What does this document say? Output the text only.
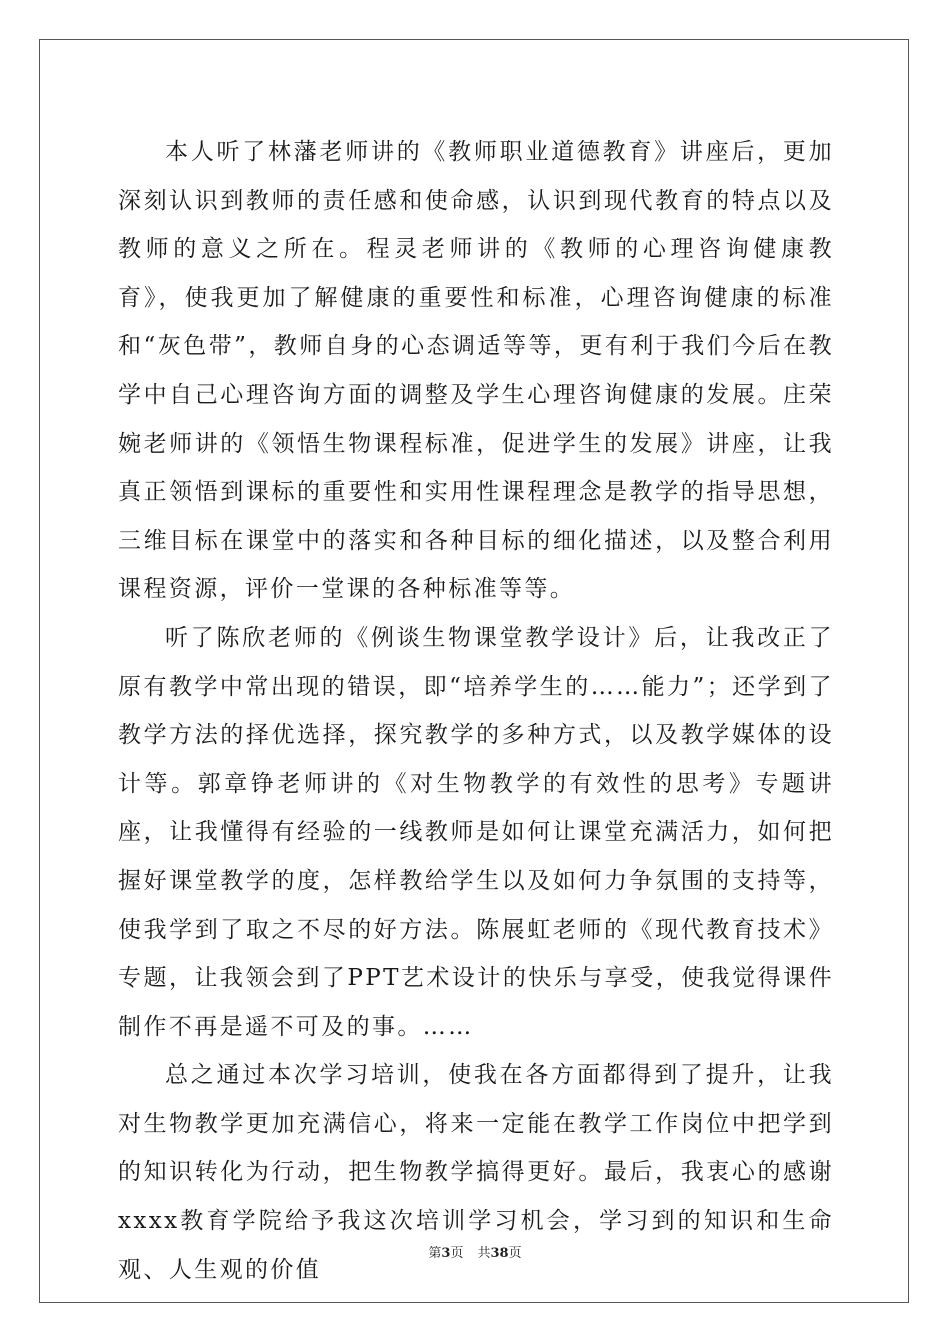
本人听了林藩老师讲的《教师职业道德教育》讲座后，更加深刻认识到教师的责任感和使命感，认识到现代教育的特点以及教师的意义之所在。程灵老师讲的《教师的心理咨询健康教育》，使我更加了解健康的重要性和标准，心理咨询健康的标准和“灰色带”，教师自身的心态调适等等，更有利于我们今后在教学中自己心理咨询方面的调整及学生心理咨询健康的发展。庄荣婉老师讲的《领悟生物课程标准，促进学生的发展》讲座，让我真正领悟到课标的重要性和实用性课程理念是教学的指导思想，三维目标在课堂中的落实和各种目标的细化描述，以及整合利用课程资源，评价一堂课的各种标准等等。

听了陈欣老师的《例谈生物课堂教学设计》后，让我改正了原有教学中常出现的错误，即“培养学生的……能力”；还学到了教学方法的择优选择，探究教学的多种方式，以及教学媒体的设计等。郭章铮老师讲的《对生物教学的有效性的思考》专题讲座，让我懂得有经验的一线教师是如何让课堂充满活力，如何把握好课堂教学的度，怎样教给学生以及如何力争氛围的支持等，使我学到了取之不尽的好方法。陈展虹老师的《现代教育技术》专题，让我领会到了PPT艺术设计的快乐与享受，使我觉得课件制作不再是遥不可及的事。……

总之通过本次学习培训，使我在各方面都得到了提升，让我对生物教学更加充满信心，将来一定能在教学工作岗位中把学到的知识转化为行动，把生物教学搞得更好。最后，我衷心的感谢xxxx教育学院给予我这次培训学习机会，学习到的知识和生命观、人生观的价值

第3页 共38页
